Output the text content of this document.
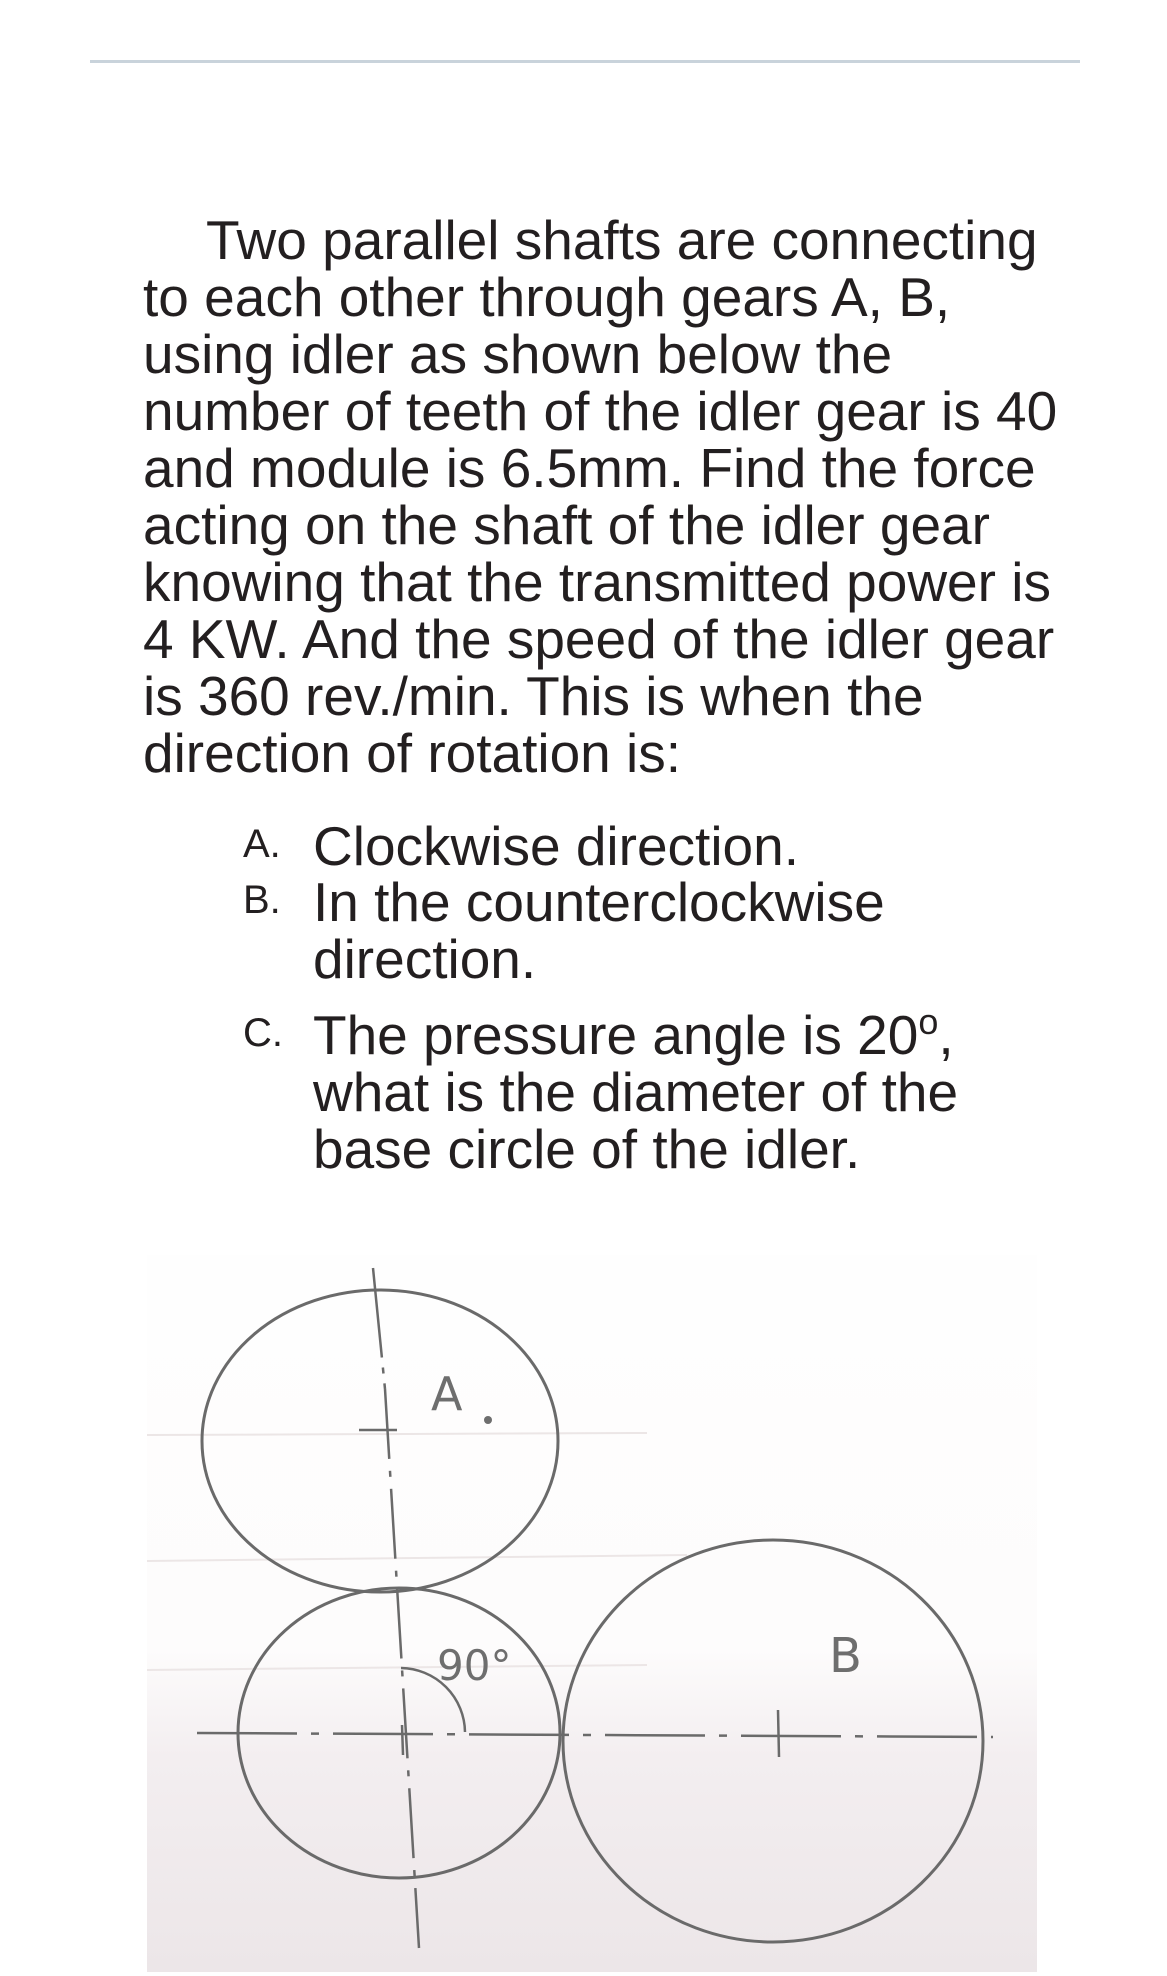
Two parallel shafts are connecting
to each other through gears A, B,
using idler as shown below the
number of teeth of the idler gear is 40
and module is 6.5mm. Find the force
acting on the shaft of the idler gear
knowing that the transmitted power is
4 KW. And the speed of the idler gear
is 360 rev./min. This is when the
direction of rotation is:
A. Clockwise direction.
B. In the counterclockwise
direction.
C. The pressure angle is 20$^o$,
what is the diameter of the
base circle of the idler.
A
90°	B
